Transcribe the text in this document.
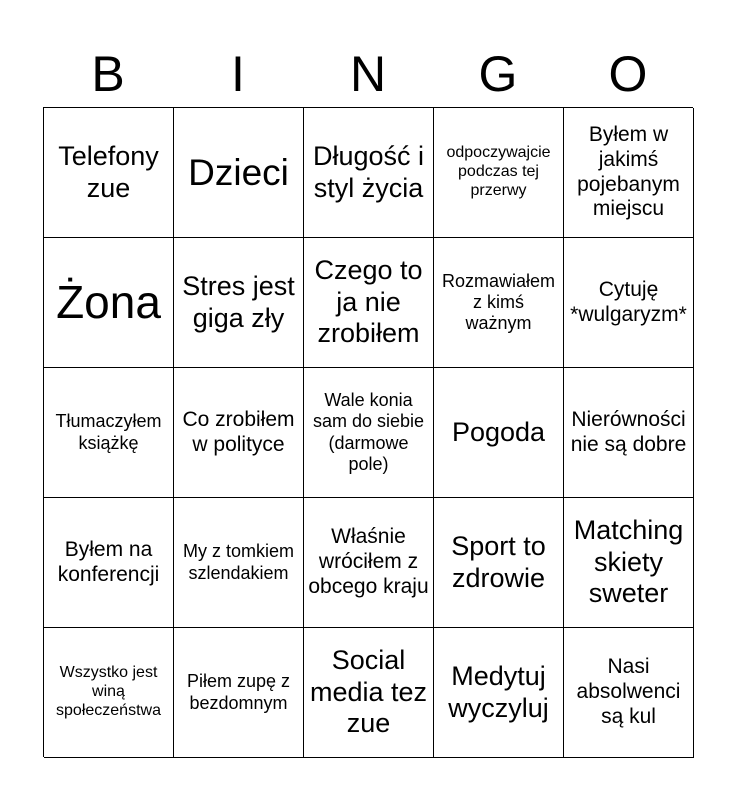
B	I	N	G	O
Telefony zue	Dzieci Długość i styl życia
odpoczywajcie podczas tej przerwy
Byłem w jakimś pojebanym miejscu
Żona Stres jest giga zły
Czego to ja nie zrobiłem
Rozmawiałem z kimś ważnym
Cytuję *wulgaryzm*
Tłumaczyłem książkę
Co zrobiłem w polityce
Wale konia sam do siebie (darmowe pole)
Pogoda Nierówności nie są dobre
Byłem na konferencji
My z tomkiem szlendakiem
Właśnie wróciłem z obcego kraju
Sport to zdrowie
Matching skiety sweter
Wszystko jest winą społeczeństwa
Piłem zupę z bezdomnym
Social media tez zue
Medytuj wyczyluj
Nasi absolwenci są kul
